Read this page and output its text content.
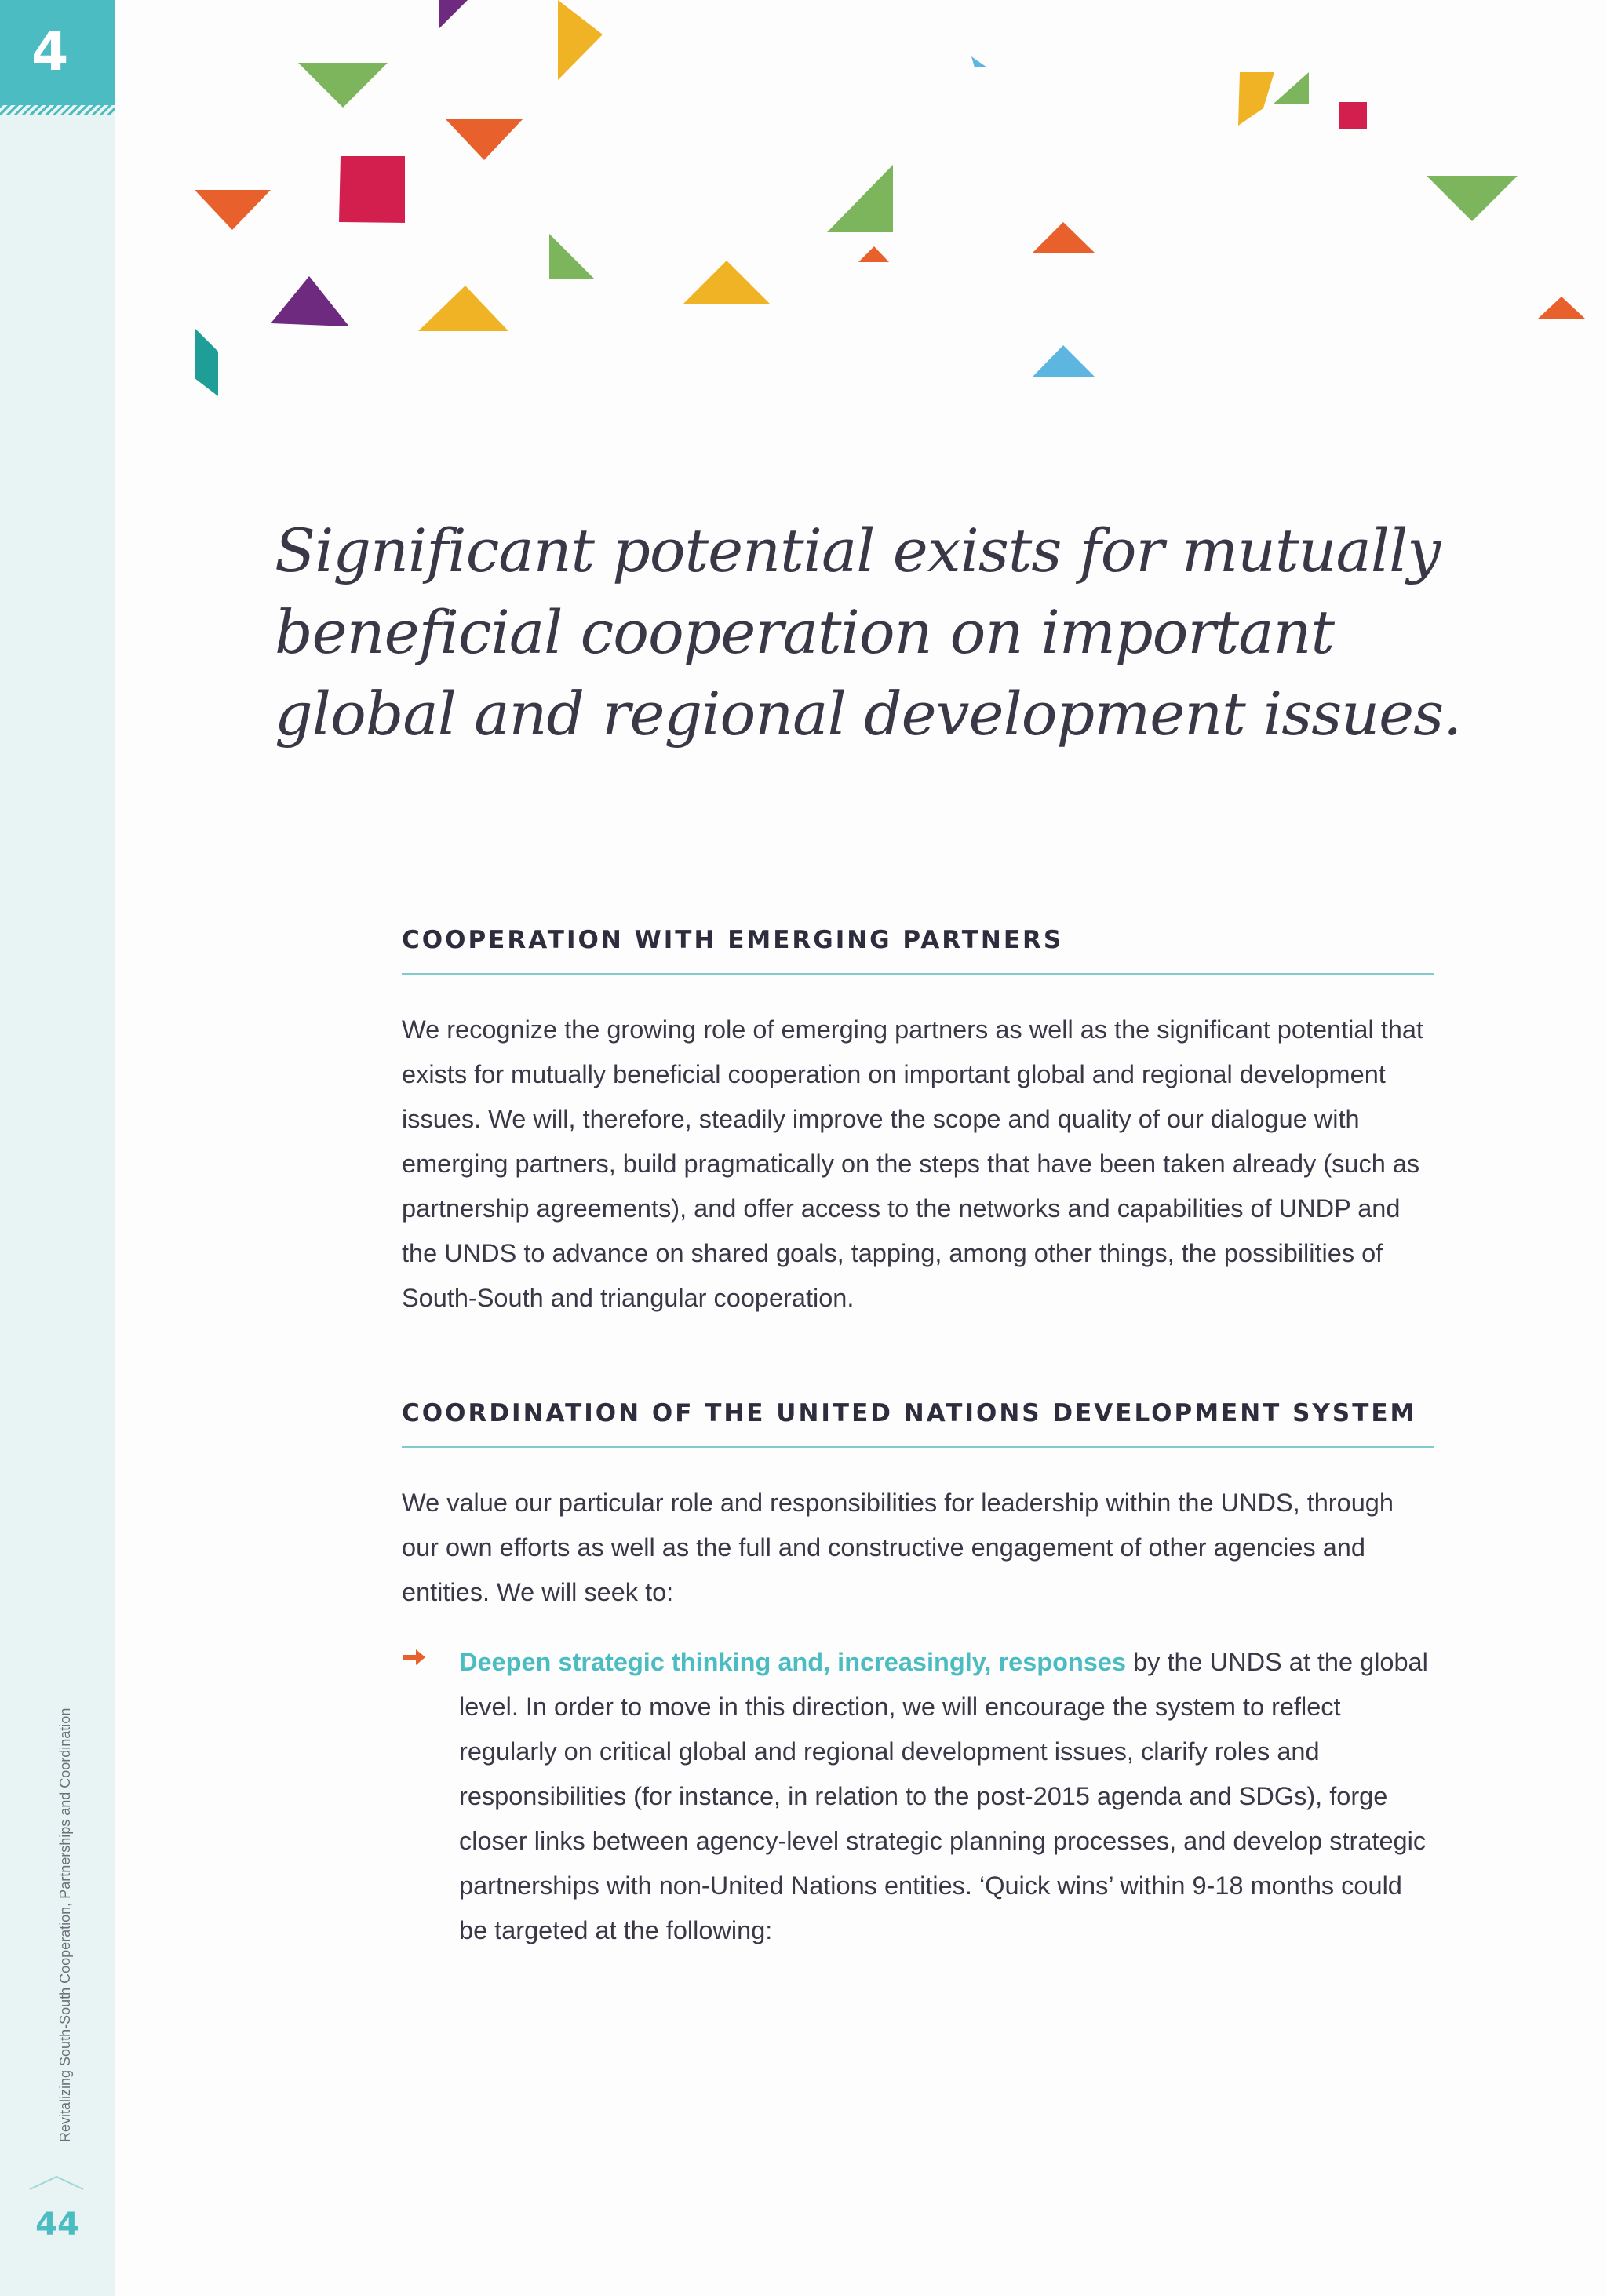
4
Revitalizing South-South Cooperation, Partnerships and Coordination
44
Significant potential exists for mutually beneficial cooperation on important global and regional development issues.
COOPERATION WITH EMERGING PARTNERS

We recognize the growing role of emerging partners as well as the significant potential that exists for mutually beneficial cooperation on important global and regional development issues. We will, therefore, steadily improve the scope and quality of our dialogue with emerging partners, build pragmatically on the steps that have been taken already (such as partnership agreements), and offer access to the networks and capabilities of UNDP and the UNDS to advance on shared goals, tapping, among other things, the possibilities of South-South and triangular cooperation.

COORDINATION OF THE UNITED NATIONS DEVELOPMENT SYSTEM

We value our particular role and responsibilities for leadership within the UNDS, through our own efforts as well as the full and constructive engagement of other agencies and entities. We will seek to:

Deepen strategic thinking and, increasingly, responses by the UNDS at the global level. In order to move in this direction, we will encourage the system to reflect regularly on critical global and regional development issues, clarify roles and responsibilities (for instance, in relation to the post-2015 agenda and SDGs), forge closer links between agency-level strategic planning processes, and develop strategic partnerships with non-United Nations entities. ‘Quick wins’ within 9-18 months could be targeted at the following:
